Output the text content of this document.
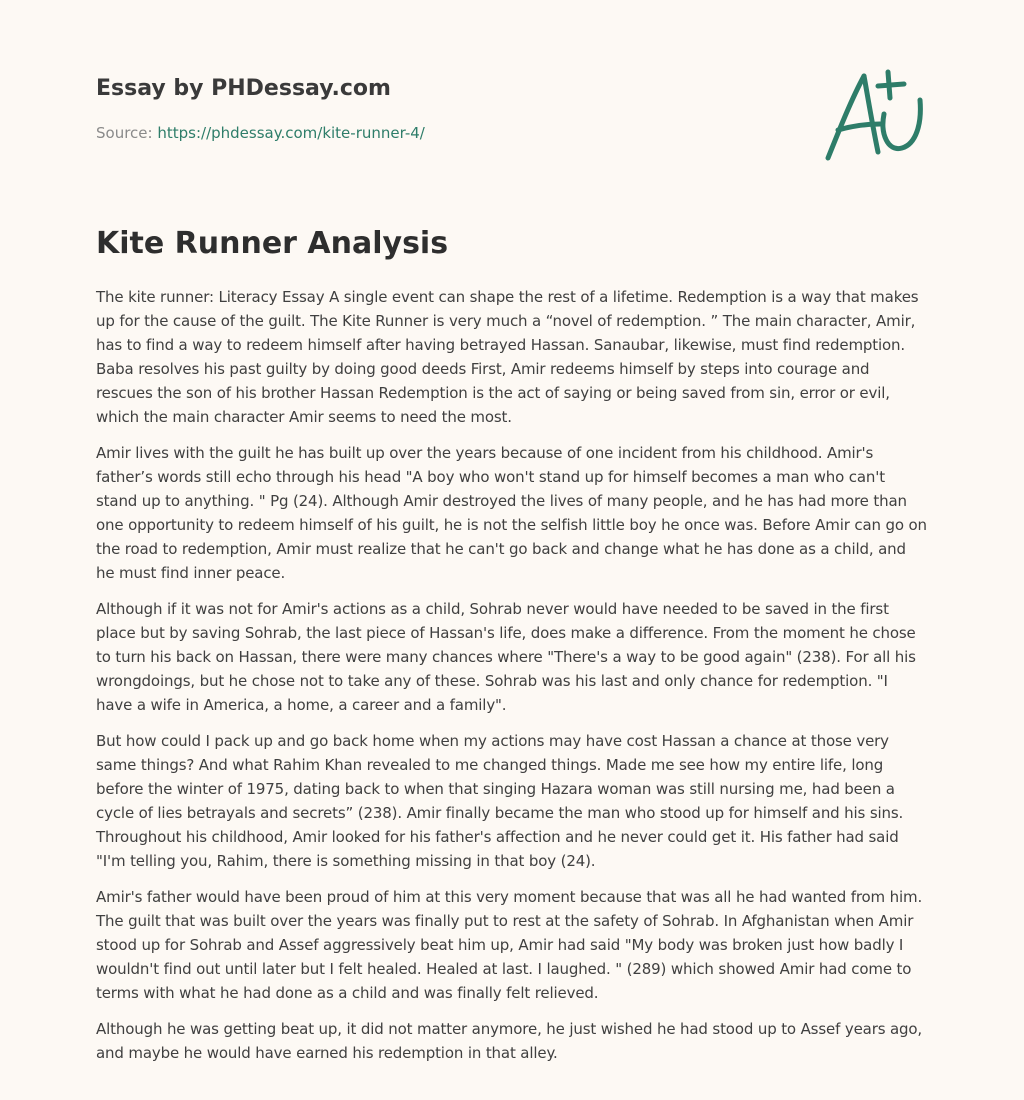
Essay by PHDessay.com
Source: https://phdessay.com/kite-runner-4/
Kite Runner Analysis

The kite runner: Literacy Essay A single event can shape the rest of a lifetime. Redemption is a way that makes up for the cause of the guilt. The Kite Runner is very much a “novel of redemption. ” The main character, Amir, has to find a way to redeem himself after having betrayed Hassan. Sanaubar, likewise, must find redemption. Baba resolves his past guilty by doing good deeds First, Amir redeems himself by steps into courage and rescues the son of his brother Hassan Redemption is the act of saying or being saved from sin, error or evil, which the main character Amir seems to need the most.

Amir lives with the guilt he has built up over the years because of one incident from his childhood. Amir's father’s words still echo through his head "A boy who won't stand up for himself becomes a man who can't stand up to anything. " Pg (24). Although Amir destroyed the lives of many people, and he has had more than one opportunity to redeem himself of his guilt, he is not the selfish little boy he once was. Before Amir can go on the road to redemption, Amir must realize that he can't go back and change what he has done as a child, and he must find inner peace.

Although if it was not for Amir's actions as a child, Sohrab never would have needed to be saved in the first place but by saving Sohrab, the last piece of Hassan's life, does make a difference. From the moment he chose to turn his back on Hassan, there were many chances where "There's a way to be good again" (238). For all his wrongdoings, but he chose not to take any of these. Sohrab was his last and only chance for redemption. "I have a wife in America, a home, a career and a family".

But how could I pack up and go back home when my actions may have cost Hassan a chance at those very same things? And what Rahim Khan revealed to me changed things. Made me see how my entire life, long before the winter of 1975, dating back to when that singing Hazara woman was still nursing me, had been a cycle of lies betrayals and secrets” (238). Amir finally became the man who stood up for himself and his sins. Throughout his childhood, Amir looked for his father's affection and he never could get it. His father had said "I'm telling you, Rahim, there is something missing in that boy (24).

Amir's father would have been proud of him at this very moment because that was all he had wanted from him. The guilt that was built over the years was finally put to rest at the safety of Sohrab. In Afghanistan when Amir stood up for Sohrab and Assef aggressively beat him up, Amir had said "My body was broken just how badly I wouldn't find out until later but I felt healed. Healed at last. I laughed. " (289) which showed Amir had come to terms with what he had done as a child and was finally felt relieved.

Although he was getting beat up, it did not matter anymore, he just wished he had stood up to Assef years ago, and maybe he would have earned his redemption in that alley.
